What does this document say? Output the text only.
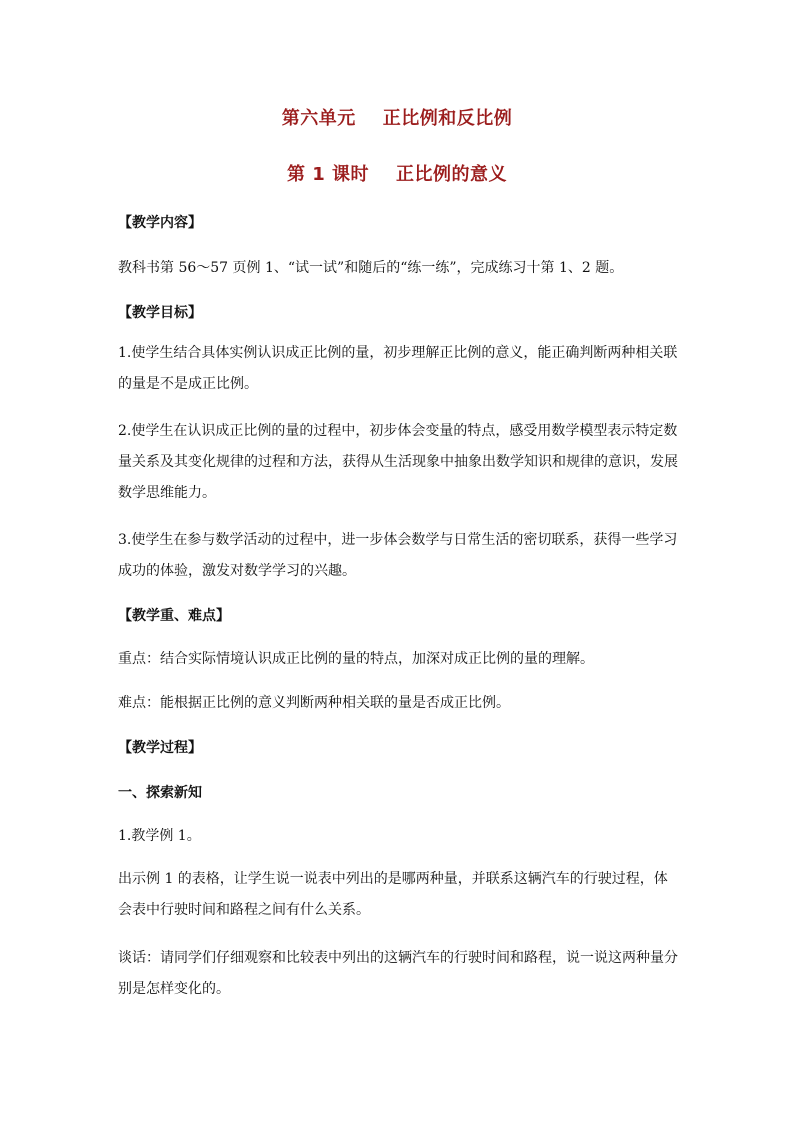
第六单元    正比例和反比例
第 1 课时    正比例的意义
【教学内容】
教科书第 56～57 页例 1、“试一试”和随后的“练一练”，完成练习十第 1、2 题。
【教学目标】
1.使学生结合具体实例认识成正比例的量，初步理解正比例的意义，能正确判断两种相关联的量是不是成正比例。
2.使学生在认识成正比例的量的过程中，初步体会变量的特点，感受用数学模型表示特定数量关系及其变化规律的过程和方法，获得从生活现象中抽象出数学知识和规律的意识，发展数学思维能力。
3.使学生在参与数学活动的过程中，进一步体会数学与日常生活的密切联系，获得一些学习成功的体验，激发对数学学习的兴趣。
【教学重、难点】
重点：结合实际情境认识成正比例的量的特点，加深对成正比例的量的理解。
难点：能根据正比例的意义判断两种相关联的量是否成正比例。
【教学过程】
一、探索新知
1.教学例 1。
出示例 1 的表格，让学生说一说表中列出的是哪两种量，并联系这辆汽车的行驶过程，体会表中行驶时间和路程之间有什么关系。
谈话：请同学们仔细观察和比较表中列出的这辆汽车的行驶时间和路程，说一说这两种量分别是怎样变化的。
